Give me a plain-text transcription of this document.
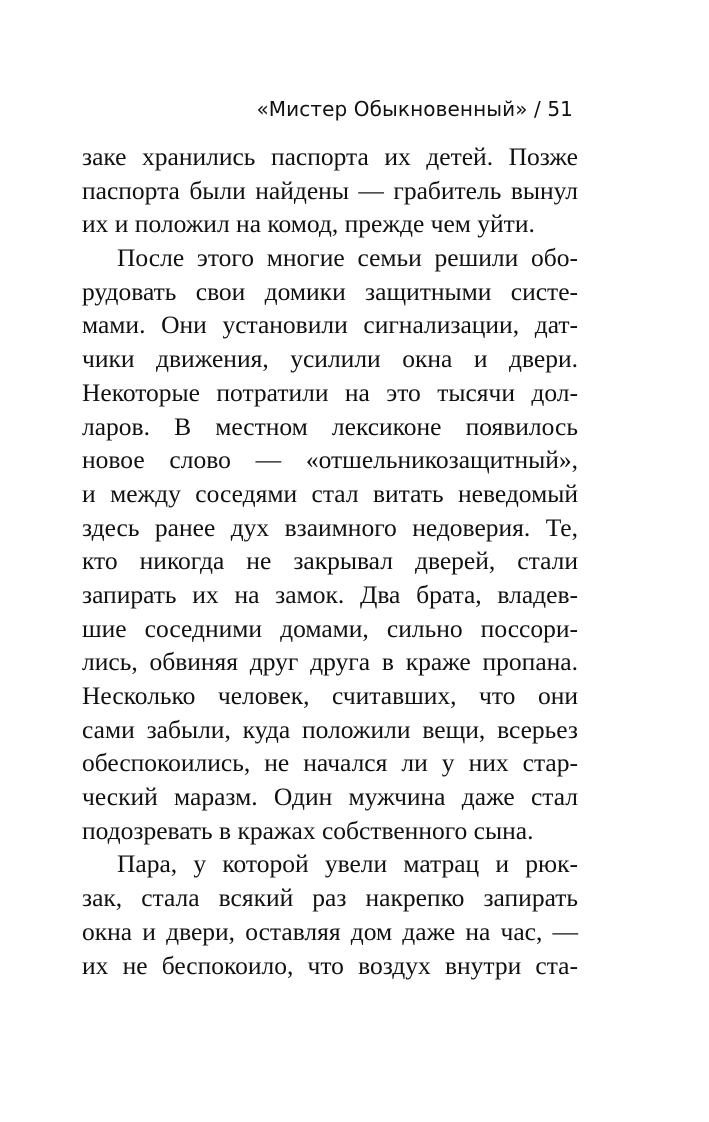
«Мистер Обыкновенный» / 51
заке хранились паспорта их детей. Позже
паспорта были найдены — грабитель вынул
их и положил на комод, прежде чем уйти.
После этого многие семьи решили обо-
рудовать свои домики защитными систе-
мами. Они установили сигнализации, дат-
чики движения, усилили окна и двери.
Некоторые потратили на это тысячи дол-
ларов. В местном лексиконе появилось
новое слово — «отшельникозащитный»,
и между соседями стал витать неведомый
здесь ранее дух взаимного недоверия. Те,
кто никогда не закрывал дверей, стали
запирать их на замок. Два брата, владев-
шие соседними домами, сильно поссори-
лись, обвиняя друг друга в краже пропана.
Несколько человек, считавших, что они
сами забыли, куда положили вещи, всерьез
обеспокоились, не начался ли у них стар-
ческий маразм. Один мужчина даже стал
подозревать в кражах собственного сына.
Пара, у которой увели матрац и рюк-
зак, стала всякий раз накрепко запирать
окна и двери, оставляя дом даже на час, —
их не беспокоило, что воздух внутри ста-
